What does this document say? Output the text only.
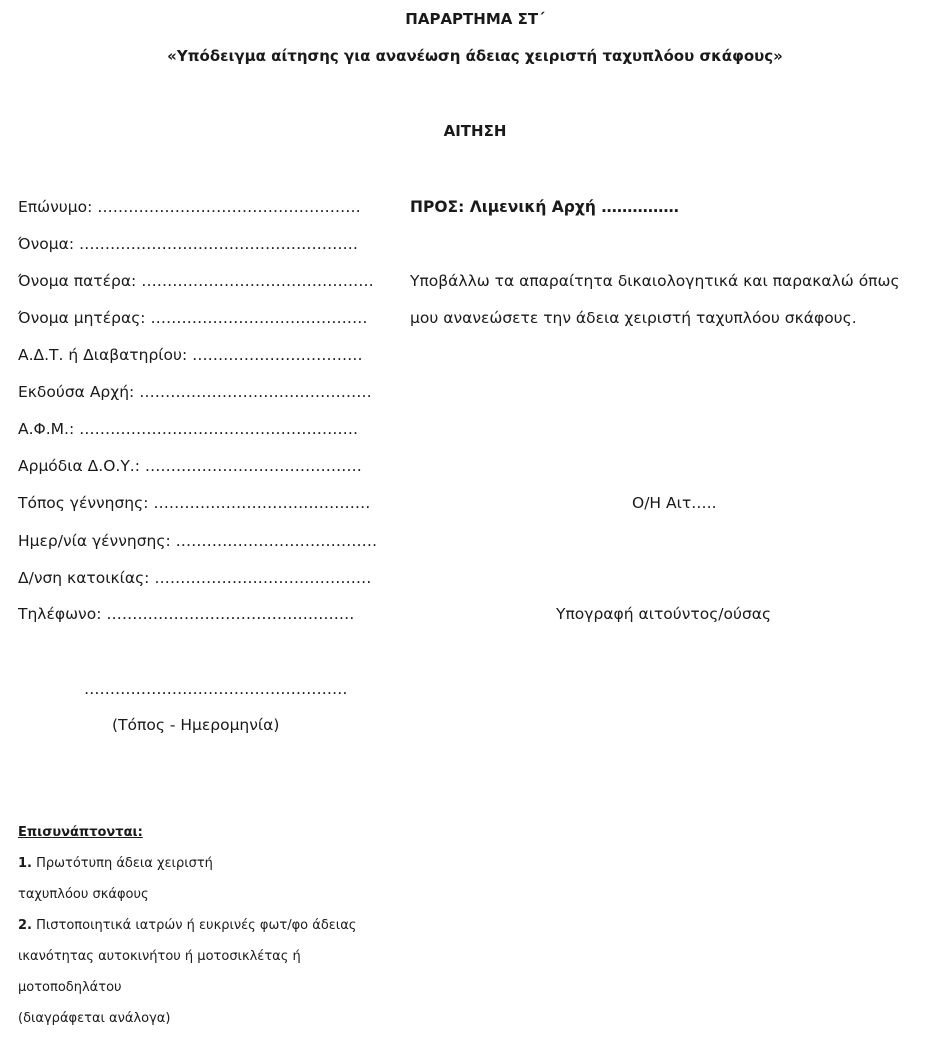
ΠΑΡΑΡΤΗΜΑ ΣΤ΄
«Υπόδειγμα αίτησης για ανανέωση άδειας χειριστή ταχυπλόου σκάφους»
ΑΙΤΗΣΗ
Επώνυμο: ……………………………………………
Όνομα: ………………………………………………
Όνομα πατέρα: ………………………………………
Όνομα μητέρας: ……………………………………
Α.Δ.Τ. ή Διαβατηρίου: ……………………………
Εκδούσα Αρχή: ………………………………………
Α.Φ.Μ.: ………………………………………………
Αρμόδια Δ.Ο.Υ.: ……………………………………
Τόπος γέννησης: ……………………………………
Ημερ/νία γέννησης: …………………………………
Δ/νση κατοικίας: ……………………………………
Τηλέφωνο: …………………………………………
ΠΡΟΣ: Λιμενική Αρχή ……………
Υποβάλλω τα απαραίτητα δικαιολογητικά και παρακαλώ όπως
μου ανανεώσετε την άδεια χειριστή ταχυπλόου σκάφους.
Ο/Η Αιτ…..
Υπογραφή αιτούντος/ούσας
……………………………………………
(Τόπος - Ημερομηνία)
Επισυνάπτονται:
1. Πρωτότυπη άδεια χειριστή
ταχυπλόου σκάφους
2. Πιστοποιητικά ιατρών ή ευκρινές φωτ/φο άδειας
ικανότητας αυτοκινήτου ή μοτοσικλέτας ή
μοτοποδηλάτου
(διαγράφεται ανάλογα)
